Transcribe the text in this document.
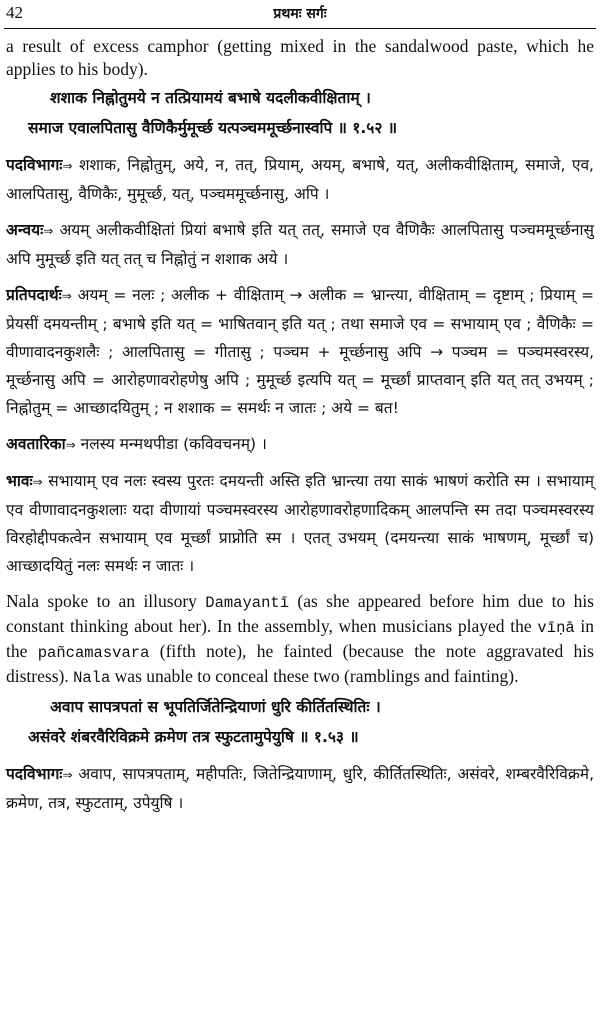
42	प्रथमः सर्गः

a result of excess camphor (getting mixed in the sandalwood paste, which he applies to his body).

शशाक निह्नोतुमये न तत्प्रियामयं बभाषे यदलीकवीक्षिताम् ।
समाज एवालपितासु वैणिकैर्मुमूर्च्छ यत्पञ्चममूर्च्छनास्वपि ॥ १.५२ ॥

पदविभागः⇒ शशाक, निह्नोतुम्, अये, न, तत्, प्रियाम्, अयम्, बभाषे, यत्, अलीकवीक्षिताम्, समाजे, एव, आलपितासु, वैणिकैः, मुमूर्च्छ, यत्, पञ्चममूर्च्छनासु, अपि ।

अन्वयः⇒ अयम् अलीकवीक्षितां प्रियां बभाषे इति यत् तत्, समाजे एव वैणिकैः आलपितासु पञ्चममूर्च्छनासु अपि मुमूर्च्छ इति यत् तत् च निह्नोतुं न शशाक अये ।

प्रतिपदार्थः⇒ अयम् = नलः ; अलीक + वीक्षिताम् → अलीक = भ्रान्त्या, वीक्षिताम् = दृष्टाम् ; प्रियाम् = प्रेयसीं दमयन्तीम् ; बभाषे इति यत् = भाषितवान् इति यत् ; तथा समाजे एव = सभायाम् एव ; वैणिकैः = वीणावादनकुशलैः ; आलपितासु = गीतासु ; पञ्चम + मूर्च्छनासु अपि → पञ्चम = पञ्चमस्वरस्य, मूर्च्छनासु अपि = आरोहणावरोहणेषु अपि ; मुमूर्च्छ इत्यपि यत् = मूर्च्छां प्राप्तवान् इति यत् तत् उभयम् ; निह्नोतुम् = आच्छादयितुम् ; न शशाक = समर्थः न जातः ; अये = बत!

अवतारिका⇒ नलस्य मन्मथपीडा (कविवचनम्) ।

भावः⇒ सभायाम् एव नलः स्वस्य पुरतः दमयन्ती अस्ति इति भ्रान्त्या तया साकं भाषणं करोति स्म । सभायाम् एव वीणावादनकुशलाः यदा वीणायां पञ्चमस्वरस्य आरोहणावरोहणादिकम् आलपन्ति स्म तदा पञ्चमस्वरस्य विरहोद्दीपकत्वेन सभायाम् एव मूर्च्छां प्राप्नोति स्म । एतत् उभयम् (दमयन्त्या साकं भाषणम्, मूर्च्छां च) आच्छादयितुं नलः समर्थः न जातः ।

Nala spoke to an illusory Damayantī (as she appeared before him due to his constant thinking about her). In the assembly, when musicians played the vīṇā in the pañcamasvara (fifth note), he fainted (because the note aggravated his distress). Nala was unable to conceal these two (ramblings and fainting).

अवाप सापत्रपतां स भूपतिर्जितेन्द्रियाणां धुरि कीर्तितस्थितिः ।
असंवरे शंबरवैरिविक्रमे क्रमेण तत्र स्फुटतामुपेयुषि ॥ १.५३ ॥

पदविभागः⇒ अवाप, सापत्रपताम्, महीपतिः, जितेन्द्रियाणाम्, धुरि, कीर्तितस्थितिः, असंवरे, शम्बरवैरिविक्रमे, क्रमेण, तत्र, स्फुटताम्, उपेयुषि ।
